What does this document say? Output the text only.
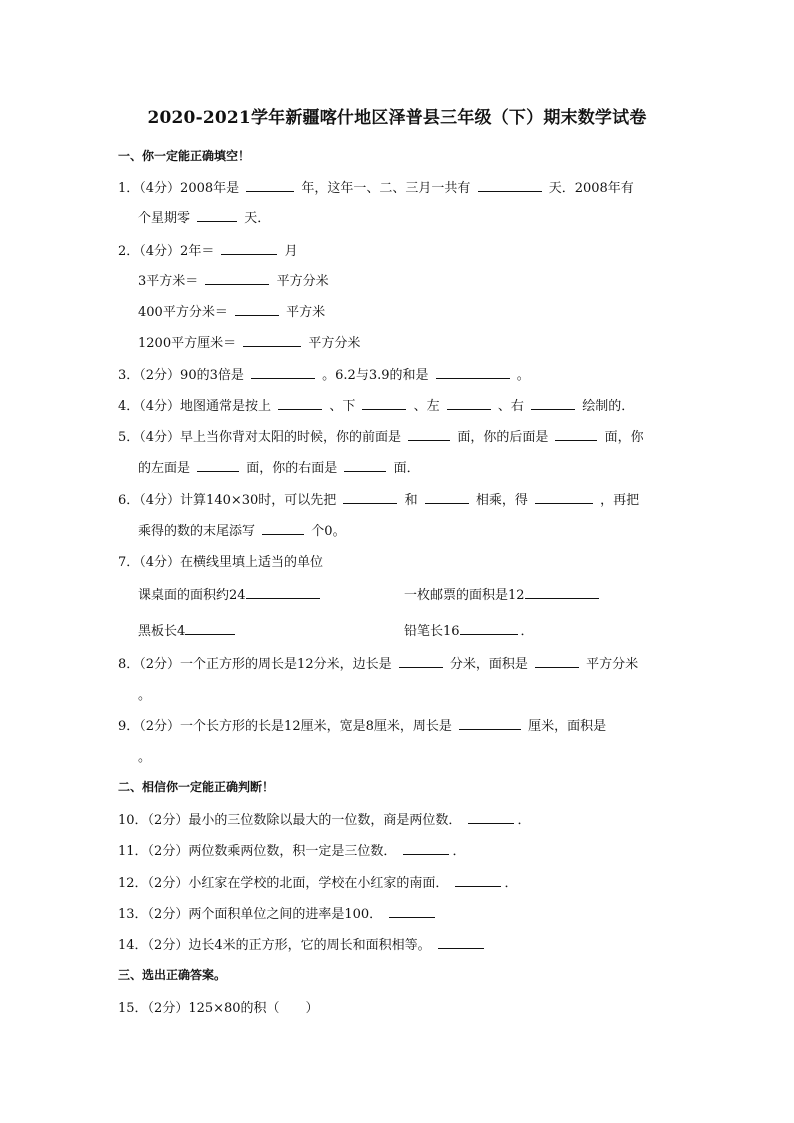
2020-2021学年新疆喀什地区泽普县三年级（下）期末数学试卷
一、你一定能正确填空！
1．（4分）2008年是	年，这年一、二、三月一共有	天．2008年有
个星期零	天．
2．（4分）2年＝	月
3平方米＝	平方分米
400平方分米＝	平方米
1200平方厘米＝	平方分米
3．（2分）90的3倍是	。6.2与3.9的和是	。
4．（4分）地图通常是按上	、下	、左	、右	绘制的．
5．（4分）早上当你背对太阳的时候，你的前面是	面，你的后面是	面，你
的左面是	面，你的右面是	面．
6．（4分）计算140×30时，可以先把	和	相乘，得	，再把
乘得的数的末尾添写	个0。
7．（4分）在横线里填上适当的单位
课桌面的面积约24	一枚邮票的面积是12
黑板长4	铅笔长16	．
8．（2分）一个正方形的周长是12分米，边长是	分米，面积是	平方分米
。
9．（2分）一个长方形的长是12厘米，宽是8厘米，周长是	厘米，面积是
。
二、相信你一定能正确判断！
10．（2分）最小的三位数除以最大的一位数，商是两位数．	．
11．（2分）两位数乘两位数，积一定是三位数．	．
12．（2分）小红家在学校的北面，学校在小红家的南面．	．
13．（2分）两个面积单位之间的进率是100．
14．（2分）边长4米的正方形，它的周长和面积相等。
三、选出正确答案。
15．（2分）125×80的积（　　）
